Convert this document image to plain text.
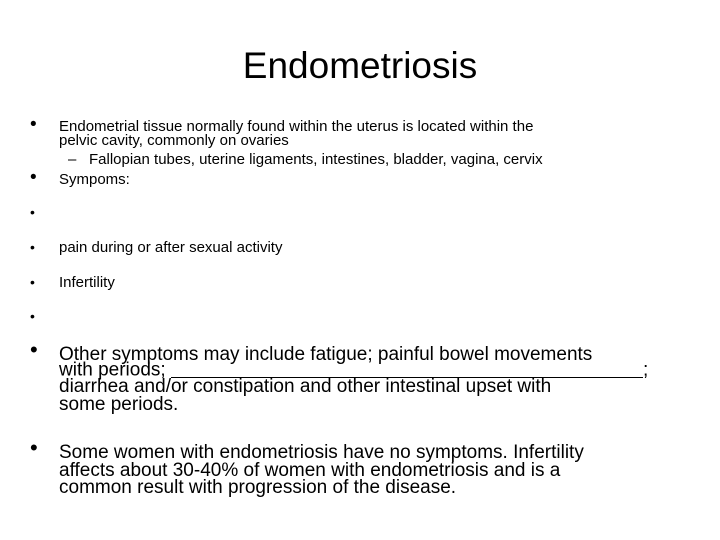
Endometriosis
• Endometrial tissue normally found within the uterus is located within the
pelvic cavity, commonly on ovaries
– Fallopian tubes, uterine ligaments, intestines, bladder, vagina, cervix
• Sympoms:
•
• pain during or after sexual activity
• Infertility
•
• Other symptoms may include fatigue; painful bowel movements
with periods;	;
diarrhea and/or constipation and other intestinal upset with
some periods.
• Some women with endometriosis have no symptoms. Infertility
affects about 30-40% of women with endometriosis and is a
common result with progression of the disease.
